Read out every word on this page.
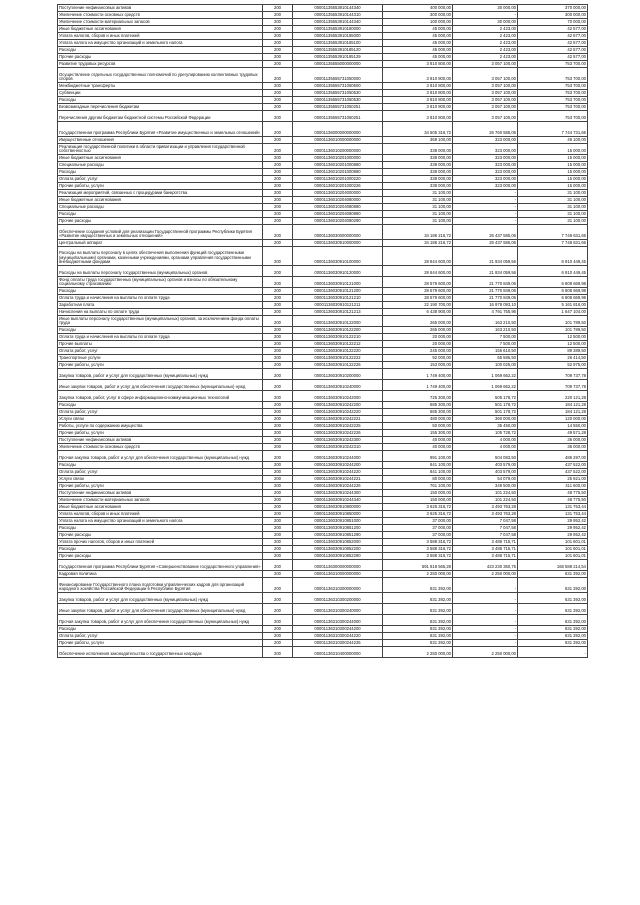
Поступление нефинансовых активов	200	00001135553910144340	400 000,00	30 000,00	370 000,00
Увеличение стоимости основных средств	200	00001135553910144310	300 000,00	-	300 000,00
Увеличение стоимости материальных запасов	200	00001135553910144340	100 000,00	30 000,00	70 000,00
Иные бюджетные ассигнования	200	00001135553910180000	45 000,00	2 423,00	42 577,00
Уплата налогов, сборов и иных платежей	200	00001135553910185000	45 000,00	2 423,00	42 577,00
Уплата налога на имущество организаций и земельного налога	200	00001135553910185100	45 000,00	2 423,00	42 577,00
Расходы	200	00001135553910185120	45 000,00	2 423,00	42 577,00
Прочие расходы	200	00001135553910185129	45 000,00	2 423,00	42 577,00
Развитие трудовых ресурсов	200	00001135555000000000	3 810 800,00	3 057 100,00	753 700,00
Осуществление отдельных государственных полномочий по урегулированию коллективных трудовых споров	200	00001135555731050000	3 810 800,00	3 057 100,00	753 700,00
Межбюджетные трансферты	200	00001135555731050500	3 810 800,00	3 057 100,00	753 700,00
Субвенции	200	00001135555731050530	3 810 800,00	3 057 100,00	753 700,00
Расходы	200	00001135555731050530	3 810 800,00	3 057 100,00	753 700,00
Безвозмездные перечисления бюджетам	200	00001135555731050251	3 810 800,00	3 057 100,00	753 700,00
Перечисления другим бюджетам бюджетной системы Российской Федерации	200	00001135555731050251	3 810 800,00	3 057 100,00	753 700,00
Государственная программа Республики Бурятия «Развитие имущественных и земельных отношений»	200	00001136000000000000	34 505 316,72	26 760 585,06	7 744 731,66
Имущественные отношения	200	00001136010000000000	369 100,00	323 000,00	46 100,00
Реализация государственной политики в области приватизации и управления государственной собственностью	200	00001136010200000000	338 000,00	323 000,00	15 000,00
Иные бюджетные ассигнования	200	00001136010201000000	338 000,00	323 000,00	15 000,00
Специальные расходы	200	00001136010201000880	338 000,00	323 000,00	15 000,00
Расходы	200	00001136010201000880	338 000,00	323 000,00	15 000,00
Оплата работ, услуг	200	00001136010201000220	338 000,00	323 000,00	15 000,00
Прочие работы, услуги	200	00001136010201000226	338 000,00	323 000,00	15 000,00
Реализация мероприятий, связанных с процедурами банкротства	200	00001136010204000000	31 100,00	-	31 100,00
Иные бюджетные ассигнования	200	00001136010204080000	31 100,00	-	31 100,00
Специальные расходы	200	00001136010204080880	31 100,00	-	31 100,00
Расходы	200	00001136010204080880	31 100,00	-	31 100,00
Прочие расходы	200	00001136010204080290	31 100,00	-	31 100,00
Обеспечение создания условий для реализации Государственной программы Республики Бурятия «Развитие имущественных и земельных отношений»	200	00001136030000000000	34 186 216,72	26 437 585,06	7 748 631,66
Центральный аппарат	200	00001136030910000000	34 186 216,72	26 437 585,06	7 748 631,66
Расходы на выплаты персоналу в целях обеспечения выполнения функций государственными (муниципальными) органами, казенными учреждениями, органами управления государственными внебюджетными фондами	200	00001136030910100000	28 844 600,00	21 934 059,56	6 910 449,45
Расходы на выплаты персоналу государственных (муниципальных) органов	200	00001136030910120000	28 844 600,00	21 934 059,56	6 910 449,45
Фонд оплаты труда государственных (муниципальных) органов и взносы по обязательному социальному страхованию	200	00001136030910121000	28 579 600,00	21 770 849,06	6 808 669,98
Расходы	200	00001136030910121200	28 579 600,00	21 770 849,06	6 808 669,98
Оплата труда и начисления на выплаты по оплате труда	200	00001136030910121210	28 579 600,00	21 770 849,06	6 808 669,98
Заработная плата	200	00001136030910121211	22 190 700,00	16 978 093,10	5 161 816,00
Начисления на выплаты по оплате труда	200	00001136030910121213	6 438 900,00	4 791 755,96	1 647 104,00
Иные выплаты персоналу государственных (муниципальных) органов, за исключением фонда оплаты труда	200	00001136030910122000	265 000,00	163 210,50	101 789,50
Расходы	200	00001136030910122200	265 000,00	163 210,50	101 789,50
Оплата труда и начисления на выплаты по оплате труда	200	00001136030910122210	20 000,00	7 500,00	12 500,00
Прочие выплаты	200	00001136030910122212	20 000,00	7 500,00	12 500,00
Оплата работ, услуг	200	00001136030910122220	245 000,00	155 610,50	89 389,50
Транспортные услуги	200	00001136030910122222	92 000,00	65 585,50	26 414,50
Прочие работы, услуги	200	00001136030910122226	153 000,00	100 025,00	52 975,00
Закупка товаров, работ и услуг для государственных (муниципальных) нужд	200	00001136030910200000	1 749 400,00	1 069 662,22	709 737,78
Иные закупки товаров, работ и услуг для обеспечения государственных (муниципальных) нужд	200	00001136030910240000	1 749 400,00	1 069 662,22	709 737,78
Закупка товаров, работ, услуг в сфере информационно-коммуникационных технологий	200	00001136030910242000	725 300,00	505 178,72	220 121,28
Расходы	200	00001136030910242200	685 300,00	501 178,72	184 121,28
Оплата работ, услуг	200	00001136030910242220	685 300,00	501 178,72	184 121,28
Услуги связи	200	00001136030910242221	480 000,00	360 000,00	120 000,00
Работы, услуги по содержанию имущества	200	00001136030910242225	50 000,00	35 450,00	14 550,00
Прочие работы, услуги	200	00001136030910242226	155 300,00	105 728,72	49 571,28
Поступление нефинансовых активов	200	00001136030910242300	40 000,00	4 000,00	36 000,00
Увеличение стоимости основных средств	200	00001136030910242310	40 000,00	4 000,00	36 000,00
Прочая закупка товаров, работ и услуг для обеспечения государственных (муниципальных) нужд	200	00001136030910244000	991 100,00	504 083,50	486 297,00
Расходы	200	00001136030910244200	841 100,00	403 579,00	437 522,00
Оплата работ, услуг	200	00001136030910244220	841 100,00	403 579,00	437 522,00
Услуги связи	200	00001136030910244221	80 000,00	54 079,00	25 921,00
Прочие работы, услуги	200	00001136030910244226	761 100,00	349 500,00	411 600,00
Поступление нефинансовых активов	200	00001136030910244300	150 000,00	101 224,50	48 775,50
Увеличение стоимости материальных запасов	200	00001136030910244340	150 000,00	101 224,50	48 775,50
Иные бюджетные ассигнования	200	00001136030910800000	3 625 316,72	3 493 763,28	131 753,44
Уплата налогов, сборов и иных платежей	200	00001136030910850000	3 625 316,72	3 493 763,28	131 753,44
Уплата налога на имущество организаций и земельного налога	200	00001136030910851000	37 000,00	7 047,58	29 952,42
Расходы	200	00001136030910851200	37 000,00	7 047,58	29 952,42
Прочие расходы	200	00001136030910851290	37 000,00	7 047,58	29 952,42
Уплата прочих налогов, сборов и иных платежей	200	00001136030910852000	3 588 316,72	3 486 715,71	101 601,01
Расходы	200	00001136030910852200	3 588 316,72	3 486 715,71	101 601,01
Прочие расходы	200	00001136030910852290	3 588 316,72	3 486 715,71	101 601,01
Государственная программа Республики Бурятия «Совершенствование государственного управления»	200	00001136300000000000	591 818 565,28	423 230 350,75	168 588 214,54
Кадровая политика	200	00001136310000000000	2 250 000,00	2 250 000,00	631 392,00
Финансирование Государственного плана подготовки управленческих кадров для организаций народного хозяйства Российской Федерации в Республике Бурятия	200	00001136310300000000	831 392,00	-	631 392,00
Закупка товаров, работ и услуг для государственных (муниципальных) нужд	200	00001136310300200000	831 392,00	-	631 392,00
Иные закупки товаров, работ и услуг для обеспечения государственных (муниципальных) нужд	200	00001136310300240000	831 392,00	-	631 392,00
Прочая закупка товаров, работ и услуг для обеспечения государственных (муниципальных) нужд	200	00001136310300244000	831 392,00	-	631 392,00
Расходы	200	00001136310300244200	831 392,00	-	831 392,00
Оплата работ, услуг	200	00001136310300244220	831 392,00	-	831 392,00
Прочие работы, услуги	200	00001136310300244226	831 392,00	-	831 392,00
Обеспечение исполнения законодательства о государственных наградах	200	00001136310400000000	2 250 000,00	2 250 000,00	-
